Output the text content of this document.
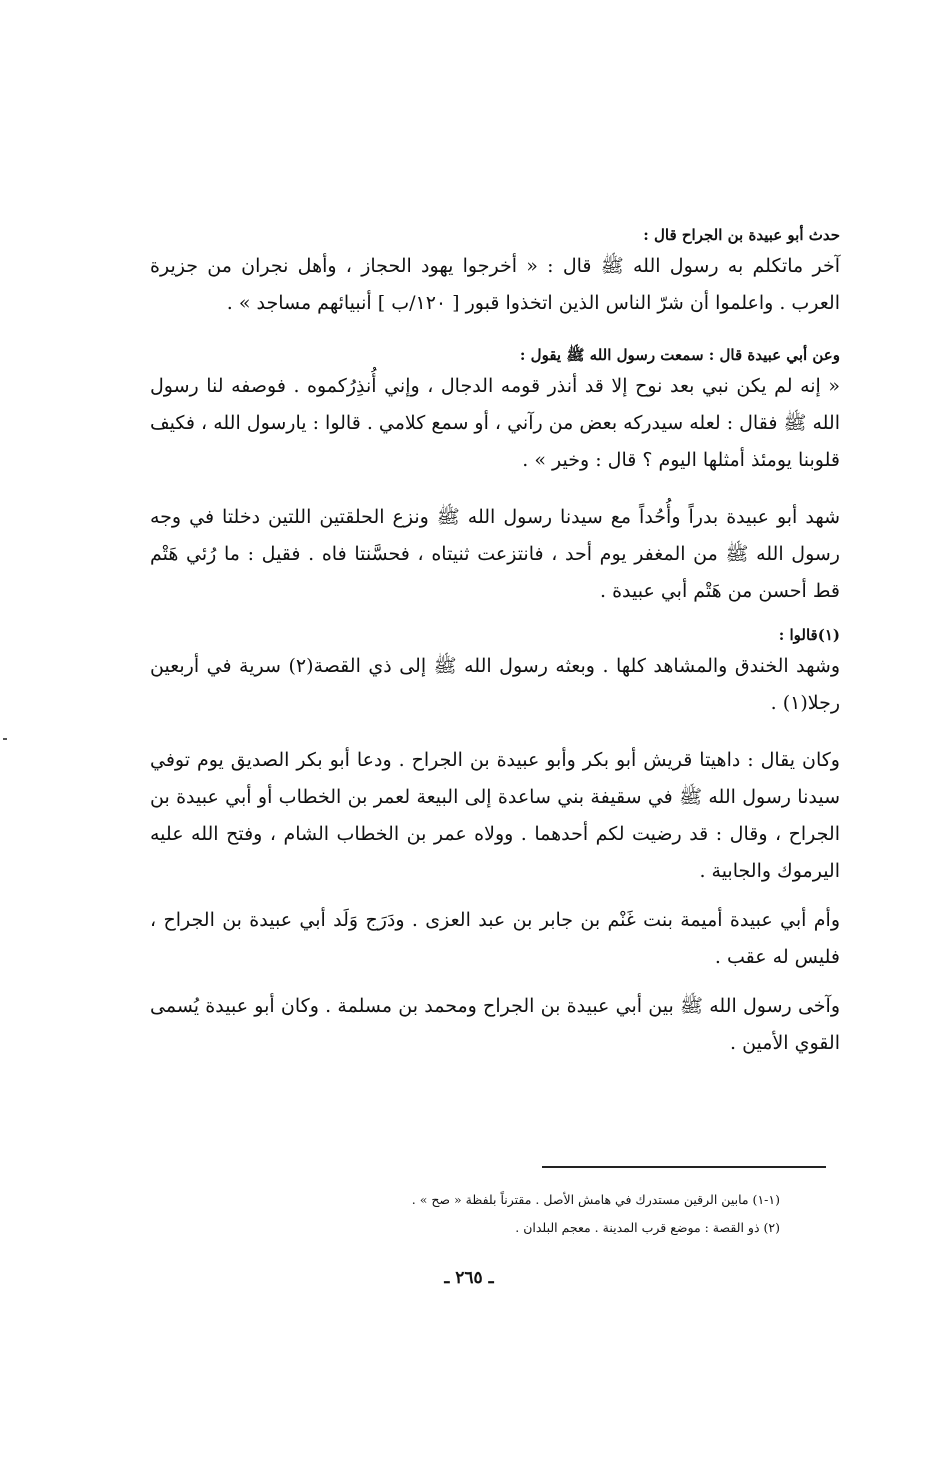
حدث أبو عبيدة بن الجراح قال :

آخر ماتكلم به رسول الله ﷺ قال : « أخرجوا يهود الحجاز ، وأهل نجران من جزيرة العرب . واعلموا أن شرّ الناس الذين اتخذوا قبور [ ١٢٠/ب ] أنبيائهم مساجد » .

وعن أبي عبيدة قال : سمعت رسول الله ﷺ يقول :

« إنه لم يكن نبي بعد نوح إلا قد أنذر قومه الدجال ، وإني أُنذِرُكموه . فوصفه لنا رسول الله ﷺ فقال : لعله سيدركه بعض من رآني ، أو سمع كلامي . قالوا : يارسول الله ، فكيف قلوبنا يومئذ أمثلها اليوم ؟ قال : وخير » .

شهد أبو عبيدة بدراً وأُحُداً مع سيدنا رسول الله ﷺ ونزع الحلقتين اللتين دخلتا في وجه رسول الله ﷺ من المغفر يوم أحد ، فانتزعت ثنيتاه ، فحسَّنتا فاه . فقيل : ما رُئي هَتْم قط أحسن من هَتْم أبي عبيدة .

(١)قالوا :

وشهد الخندق والمشاهد كلها . وبعثه رسول الله ﷺ إلى ذي القصة(٢) سرية في أربعين رجلا(١) .

وكان يقال : داهيتا قريش أبو بكر وأبو عبيدة بن الجراح . ودعا أبو بكر الصديق يوم توفي سيدنا رسول الله ﷺ في سقيفة بني ساعدة إلى البيعة لعمر بن الخطاب أو أبي عبيدة بن الجراح ، وقال : قد رضيت لكم أحدهما . وولاه عمر بن الخطاب الشام ، وفتح الله عليه اليرموك والجابية .

وأم أبي عبيدة أميمة بنت غَنْم بن جابر بن عبد العزى . ودَرَج وَلَد أبي عبيدة بن الجراح ، فليس له عقب .

وآخى رسول الله ﷺ بين أبي عبيدة بن الجراح ومحمد بن مسلمة . وكان أبو عبيدة يُسمى القوي الأمين .

(١-١) مابين الرقين مستدرك في هامش الأصل . مقترناً بلفظة « صح » .

(٢) ذو القصة : موضع قرب المدينة . معجم البلدان .

ـ ٢٦٥ ـ
